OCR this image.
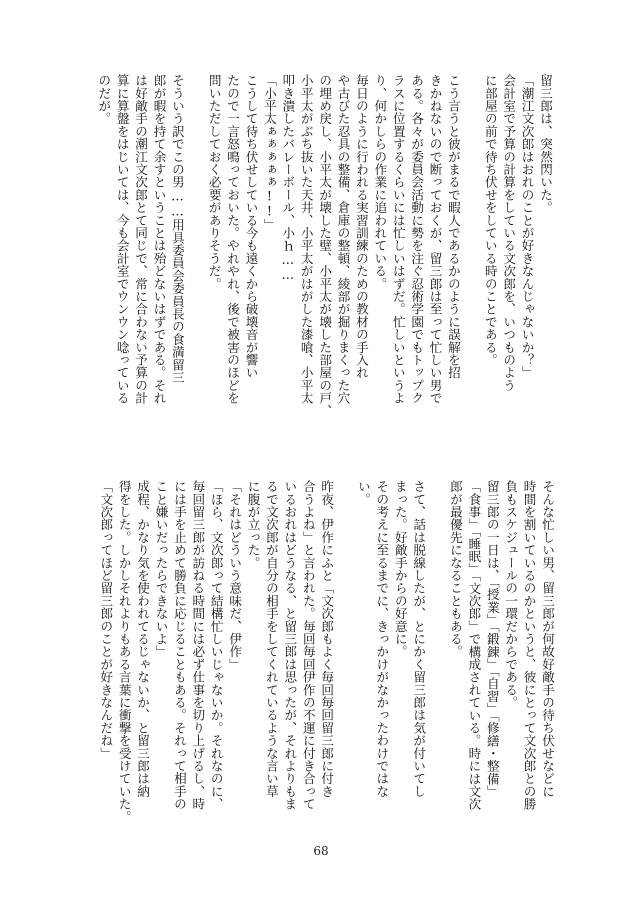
留三郎は、突然閃いた。

「潮江文次郎はおれのことが好きなんじゃないか？」

会計室で予算の計算をしている文次郎を、いつものよう

に部屋の前で待ち伏せをしている時のことである。

こう言うと彼がまるで暇人であるかのように誤解を招

きかねないので断っておくが、留三郎は至って忙しい男で

ある。各々が委員会活動に勢を注ぐ忍術学園でもトップク

ラスに位置するくらいには忙しいはずだ。忙しいというよ

り、何かしらの作業に追われている。

毎日のように行われる実習訓練のための教材の手入れ

や古びた忍具の整備、倉庫の整頓、綾部が掘りまくった穴

の埋め戻し、小平太が壊した壁、小平太が壊した部屋の戸、

小平太がぶち抜いた天井、小平太がはがした漆喰、小平太

叩き潰したバレーボール、小ｈ……

「小平太ぁぁぁぁぁ!!」

こうして待ち伏せしている今も遠くから破壊音が響い

たので一言怒鳴っておいた。やれやれ、後で被害のほどを

問いただしておく必要がありそうだ。

そういう訳でこの男……用具委員会委員長の食満留三

郎が暇を持て余すということは殆どないはずである。それ

は好敵手の潮江文次郎とて同じで、常に合わない予算の計

算に算盤をはじいては、今も会計室でウンウン唸っている

のだが。

そんな忙しい男、留三郎が何故好敵手の待ち伏せなどに

時間を割いているのかというと、彼にとって文次郎との勝

負もスケジュールの一環だからである。

留三郎の一日は、「授業」「鍛錬」「自習」「修繕・整備」

「食事」「睡眠」「文次郎」で構成されている。時には文次

郎が最優先になることもある。

さて、話は脱線したが、とにかく留三郎は気が付いてし

まった。好敵手からの好意に。

その考えに至るまでに、きっかけがなかったわけではな

い。

昨夜、伊作にふと「文次郎もよく毎回毎回留三郎に付き

合うよね」と言われた。毎回毎回伊作の不運に付き合って

いるおれはどうなる、と留三郎は思ったが、それよりもま

るで文次郎が自分の相手をしてくれているような言い草

に腹が立った。

「それはどういう意味だ、伊作」

「ほら、文次郎って結構忙しいじゃないか。それなのに、

毎回留三郎が訪ねる時間には必ず仕事を切り上げるし、時

には手を止めて勝負に応じることもある。それって相手の

こと嫌いだったらできないよ」

成程、かなり気を使われてるじゃないか、と留三郎は納

得をした。しかしそれよりもある言葉に衝撃を受けていた。

「文次郎ってほど留三郎のことが好きなんだね」

68
